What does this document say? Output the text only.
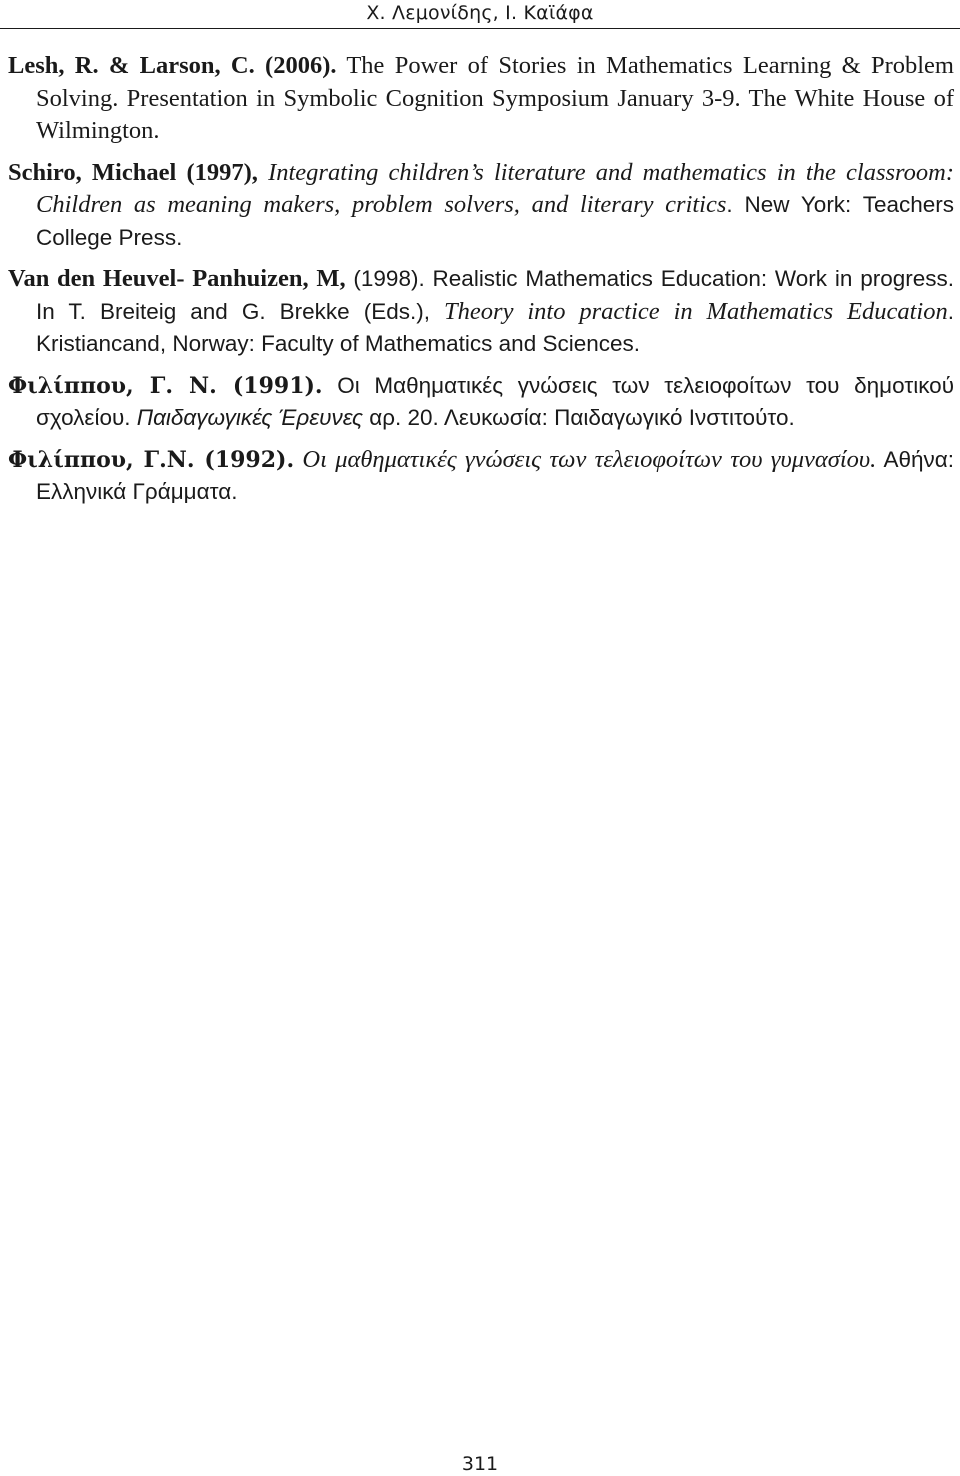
Χ. Λεμονίδης, Ι. Καϊάφα

Lesh, R. & Larson, C. (2006). The Power of Stories in Mathematics Learning & Problem Solving. Presentation in Symbolic Cognition Symposium January 3-9. The White House of Wilmington.

Schiro, Michael (1997), Integrating children’s literature and mathematics in the classroom: Children as meaning makers, problem solvers, and literary critics. New York: Teachers College Press.

Van den Heuvel- Panhuizen, M, (1998). Realistic Mathematics Education: Work in progress. In T. Breiteig and G. Brekke (Eds.), Theory into practice in Mathematics Education. Kristiancand, Norway: Faculty of Mathematics and Sciences.

Φιλίππου, Γ. Ν. (1991). Οι Μαθηματικές γνώσεις των τελειοφοίτων του δημοτικού σχολείου. Παιδαγωγικές Έρευνες αρ. 20. Λευκωσία: Παιδαγωγικό Ινστιτούτο.

Φιλίππου, Γ.Ν. (1992). Οι μαθηματικές γνώσεις των τελειοφοίτων του γυμνασίου. Αθήνα: Ελληνικά Γράμματα.

311
